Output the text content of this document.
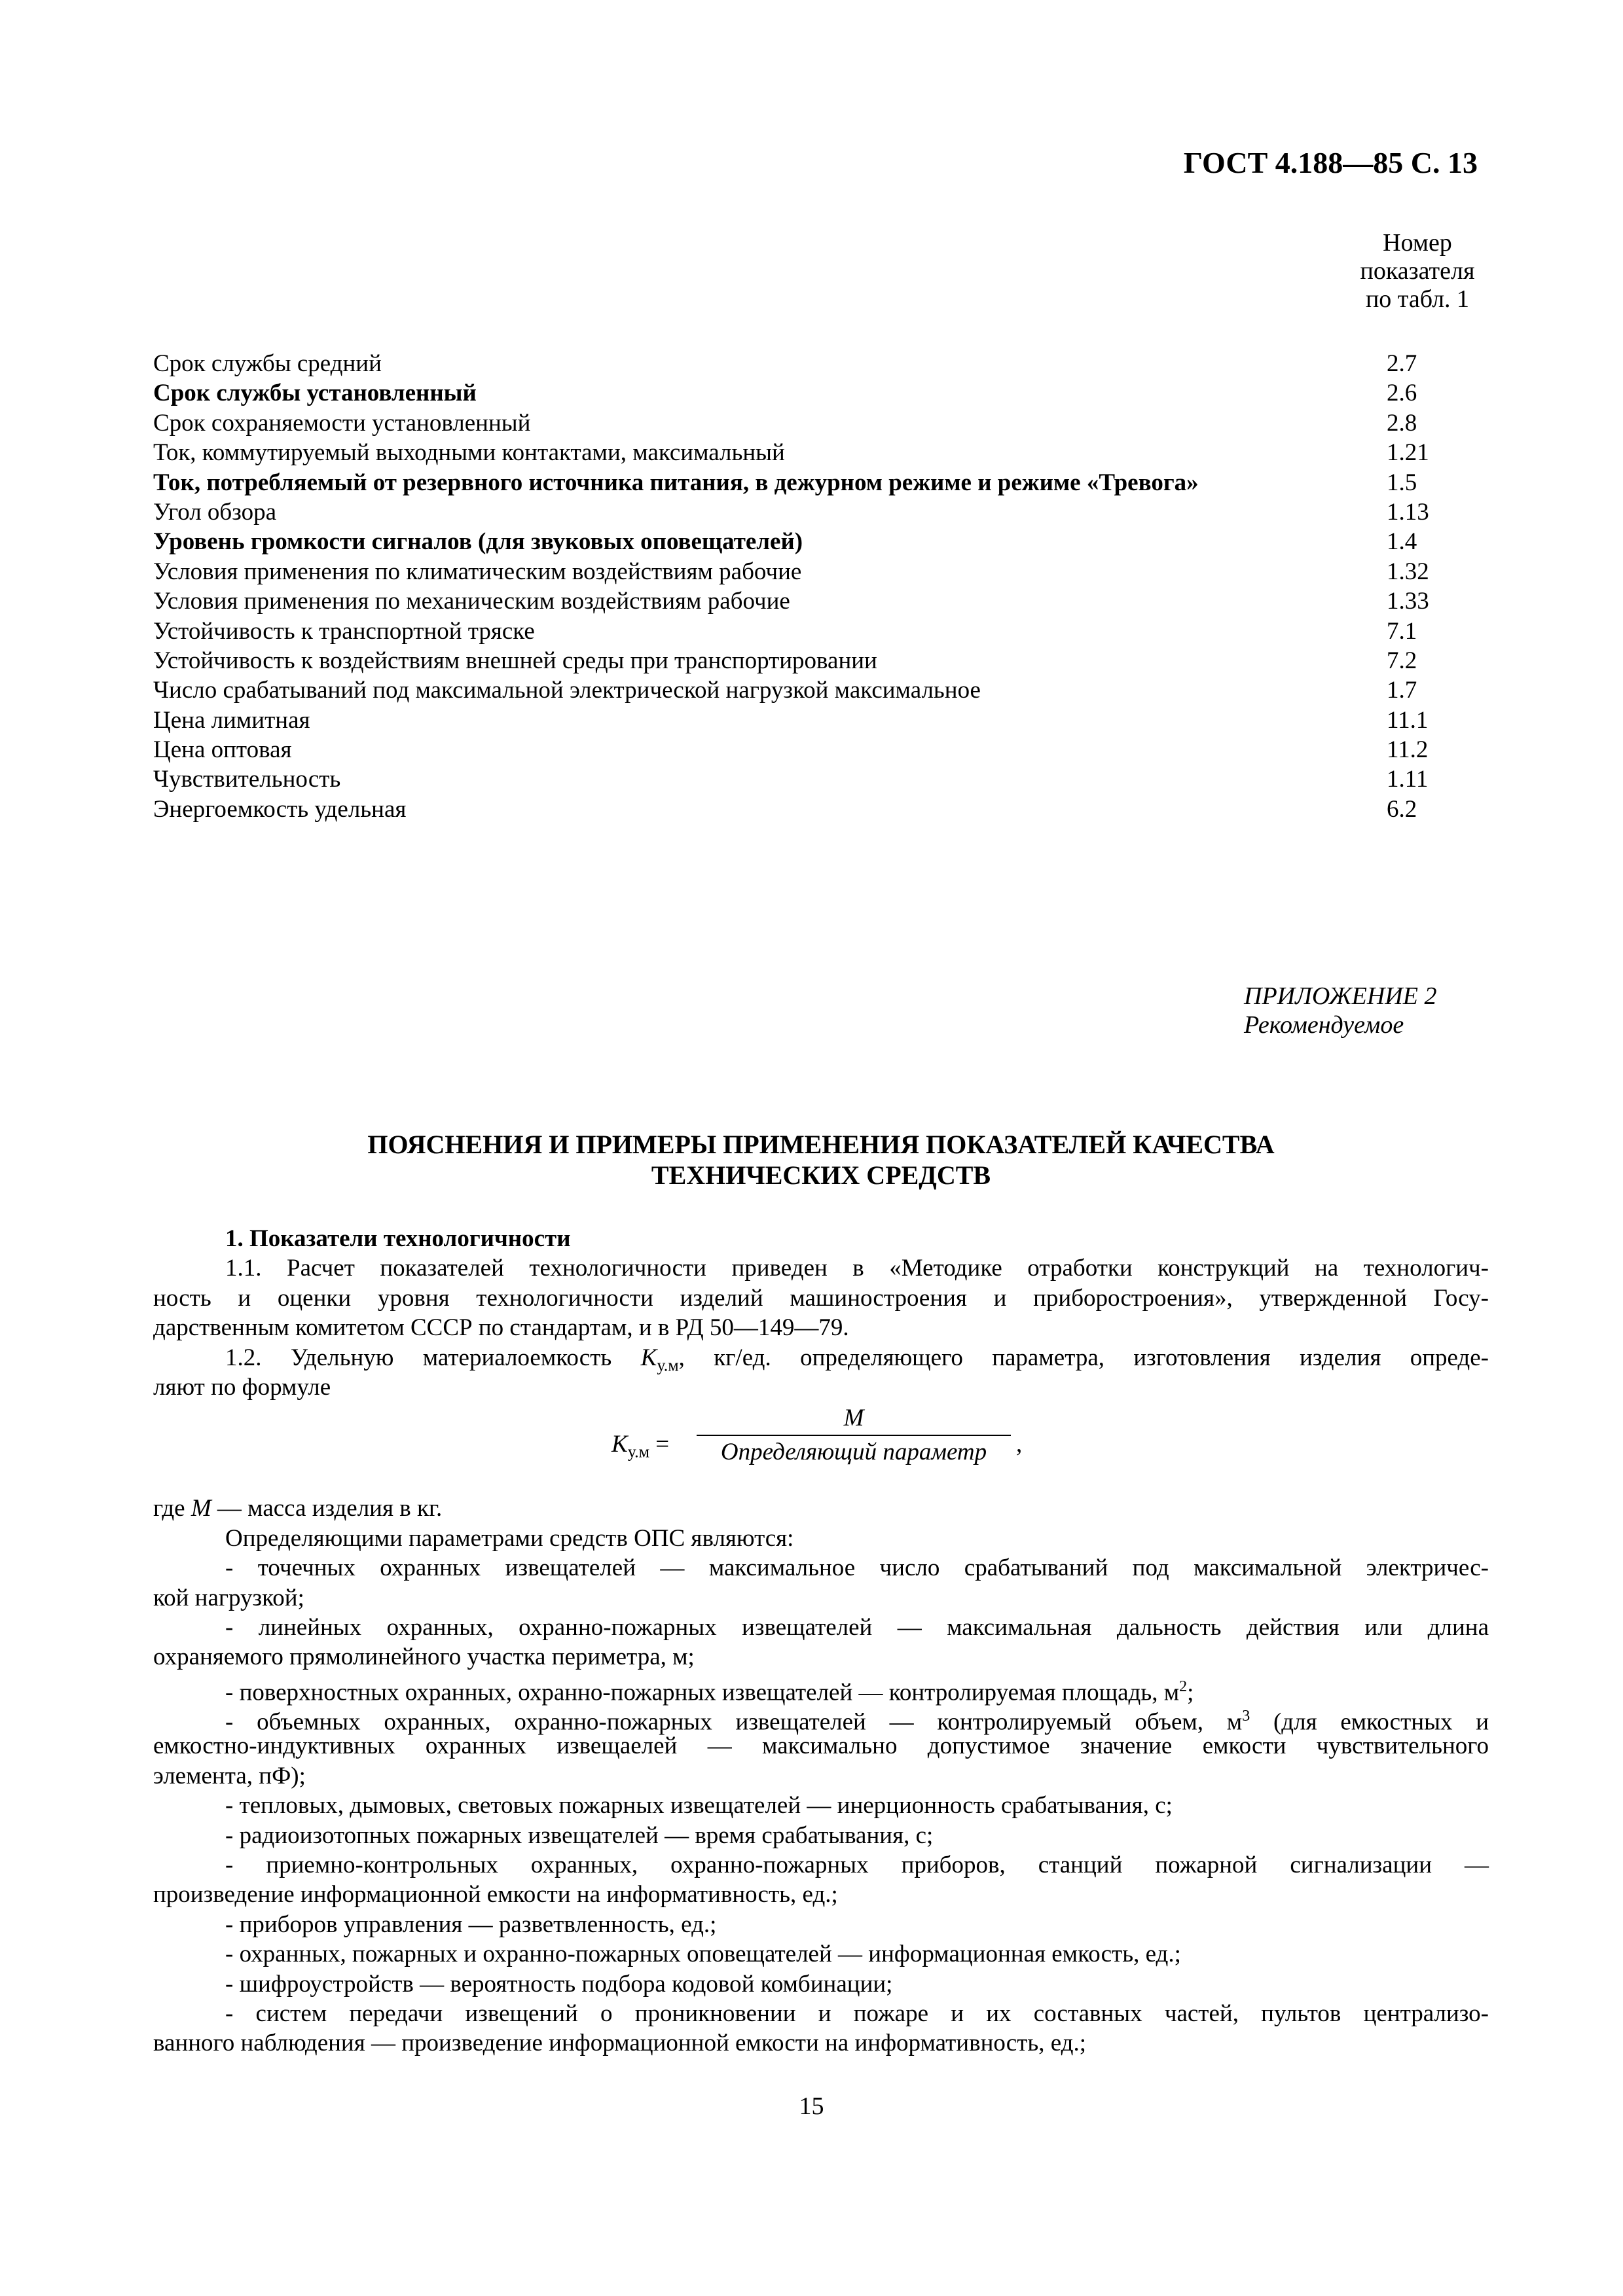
ГОСТ 4.188—85 С. 13
Номер
показателя
по табл. 1
Срок службы средний	2.7
Срок службы установленный	2.6
Срок сохраняемости установленный	2.8
Ток, коммутируемый выходными контактами, максимальный	1.21
Ток, потребляемый от резервного источника питания, в дежурном режиме и режиме «Тревога»	1.5
Угол обзора	1.13
Уровень громкости сигналов (для звуковых оповещателей)	1.4
Условия применения по климатическим воздействиям рабочие	1.32
Условия применения по механическим воздействиям рабочие	1.33
Устойчивость к транспортной тряске	7.1
Устойчивость к воздействиям внешней среды при транспортировании	7.2
Число срабатываний под максимальной электрической нагрузкой максимальное	1.7
Цена лимитная	11.1
Цена оптовая	11.2
Чувствительность	1.11
Энергоемкость удельная	6.2
ПРИЛОЖЕНИЕ 2
Рекомендуемое
ПОЯСНЕНИЯ И ПРИМЕРЫ ПРИМЕНЕНИЯ ПОКАЗАТЕЛЕЙ КАЧЕСТВА
ТЕХНИЧЕСКИХ СРЕДСТВ
1. Показатели технологичности
1.1. Расчет показателей технологичности приведен в «Методике отработки конструкций на технологич-
ность и оценки уровня технологичности изделий машиностроения и приборостроения», утвержденной Госу-
дарственным комитетом СССР по стандартам, и в РД 50—149—79.
1.2. Удельную материалоемкость $K_{у.м}$, кг/ед. определяющего параметра, изготовления изделия опреде-
ляют по формуле
$K_{у.м}$ =
M
Определяющий параметр	,
где M — масса изделия в кг.
Определяющими параметрами средств ОПС являются:
- точечных охранных извещателей — максимальное число срабатываний под максимальной электричес-
кой нагрузкой;
- линейных охранных, охранно-пожарных извещателей — максимальная дальность действия или длина
охраняемого прямолинейного участка периметра, м;
- поверхностных охранных, охранно-пожарных извещателей — контролируемая площадь, $м^2$;
- объемных охранных, охранно-пожарных извещателей — контролируемый объем, $м^3$ (для емкостных и
емкостно-индуктивных охранных извещаелей — максимально допустимое значение емкости чувствительного
элемента, пФ);
- тепловых, дымовых, световых пожарных извещателей — инерционность срабатывания, с;
- радиоизотопных пожарных извещателей — время срабатывания, с;
- приемно-контрольных охранных, охранно-пожарных приборов, станций пожарной сигнализации —
произведение информационной емкости на информативность, ед.;
- приборов управления — разветвленность, ед.;
- охранных, пожарных и охранно-пожарных оповещателей — информационная емкость, ед.;
- шифроустройств — вероятность подбора кодовой комбинации;
- систем передачи извещений о проникновении и пожаре и их составных частей, пультов централизо-
ванного наблюдения — произведение информационной емкости на информативность, ед.;
15
